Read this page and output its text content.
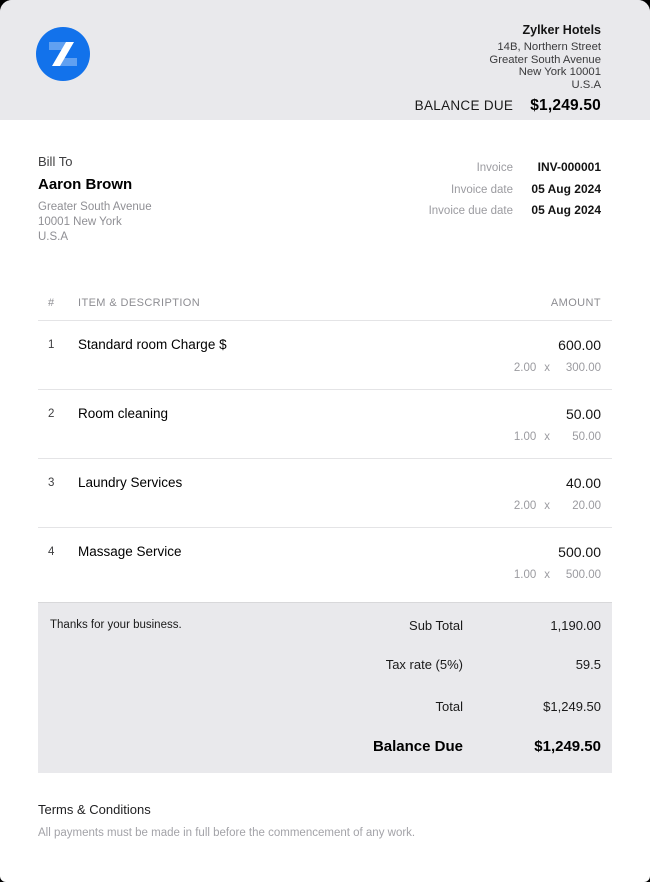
Zylker Hotels
14B, Northern Street
Greater South Avenue
New York 10001
U.S.A
BALANCE DUE $1,249.50
Bill To
Aaron Brown
Greater South Avenue
10001 New York
U.S.A
Invoice	INV-000001
Invoice date	05 Aug 2024
Invoice due date	05 Aug 2024
#	ITEM & DESCRIPTION	AMOUNT
1	Standard room Charge $	600.00
2.00 x	300.00
2	Room cleaning	50.00
1.00 x	50.00
3	Laundry Services	40.00
2.00 x	20.00
4	Massage Service	500.00
1.00 x	500.00
Thanks for your business.	Sub Total	1,190.00
Tax rate (5%)	59.5
Total	$1,249.50
Balance Due	$1,249.50
Terms & Conditions
All payments must be made in full before the commencement of any work.
